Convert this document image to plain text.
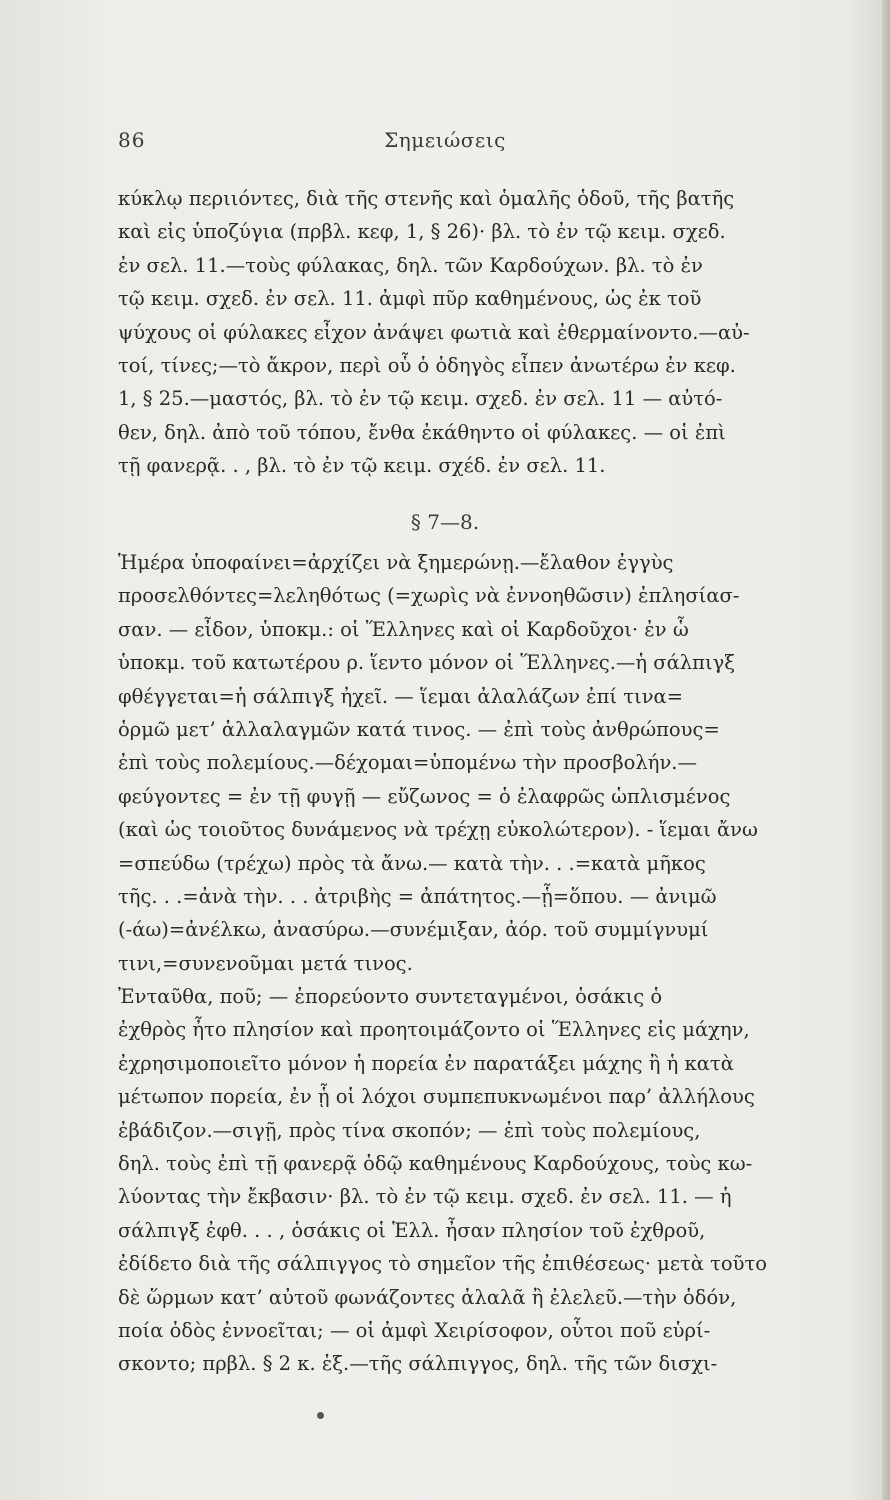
86	Σημειώσεις
κύκλῳ περιιόντες, διὰ τῆς στενῆς καὶ ὁμαλῆς ὁδοῦ, τῆς βατῆς
καὶ εἰς ὑποζύγια (πρβλ. κεφ, 1, § 26)· βλ. τὸ ἐν τῷ κειμ. σχεδ.
ἐν σελ. 11.—τοὺς φύλακας, δηλ. τῶν Καρδούχων. βλ. τὸ ἐν
τῷ κειμ. σχεδ. ἐν σελ. 11. ἀμφὶ πῦρ καθημένους, ὡς ἐκ τοῦ
ψύχους οἱ φύλακες εἶχον ἀνάψει φωτιὰ καὶ ἐθερμαίνοντο.—αὐ-
τοί, τίνες;—τὸ ἄκρον, περὶ οὗ ὁ ὁδηγὸς εἶπεν ἀνωτέρω ἐν κεφ.
1, § 25.—μαστός, βλ. τὸ ἐν τῷ κειμ. σχεδ. ἐν σελ. 11 — αὐτό-
θεν, δηλ. ἀπὸ τοῦ τόπου, ἔνθα ἐκάθηντο οἱ φύλακες. — οἱ ἐπὶ
τῇ φανερᾷ. . , βλ. τὸ ἐν τῷ κειμ. σχέδ. ἐν σελ. 11.
§ 7—8.
Ἡμέρα ὑποφαίνει=ἀρχίζει νὰ ξημερώνῃ.—ἔλαθον ἐγγὺς
προσελθόντες=λεληθότως (=χωρὶς νὰ ἐννοηθῶσιν) ἐπλησίασ-
σαν. — εἶδον, ὑποκμ.: οἱ Ἕλληνες καὶ οἱ Καρδοῦχοι· ἐν ὧ
ὑποκμ. τοῦ κατωτέρου ρ. ἵεντο μόνον οἱ Ἕλληνες.—ἡ σάλπιγξ
φθέγγεται=ἡ σάλπιγξ ἠχεῖ. — ἵεμαι ἀλαλάζων ἐπί τινα=
ὁρμῶ μετ’ ἀλλαλαγμῶν κατά τινος. — ἐπὶ τοὺς ἀνθρώπους=
ἐπὶ τοὺς πολεμίους.—δέχομαι=ὑπομένω τὴν προσβολήν.—
φεύγοντες = ἐν τῇ φυγῇ — εὔζωνος = ὁ ἐλαφρῶς ὡπλισμένος
(καὶ ὡς τοιοῦτος δυνάμενος νὰ τρέχῃ εὐκολώτερον). - ἵεμαι ἄνω
=σπεύδω (τρέχω) πρὸς τὰ ἄνω.— κατὰ τὴν. . .=κατὰ μῆκος
τῆς. . .=ἀνὰ τὴν. . . ἀτριβὴς = ἀπάτητος.—ᾗ=ὅπου. — ἀνιμῶ
(-άω)=ἀνέλκω, ἀνασύρω.—συνέμιξαν, ἀόρ. τοῦ συμμίγνυμί
τινι,=συνενοῦμαι μετά τινος.
Ἐνταῦθα, ποῦ; — ἐπορεύοντο συντεταγμένοι, ὁσάκις ὁ
ἐχθρὸς ἦτο πλησίον καὶ προητοιμάζοντο οἱ Ἕλληνες εἰς μάχην,
ἐχρησιμοποιεῖτο μόνον ἡ πορεία ἐν παρατάξει μάχης ἢ ἡ κατὰ
μέτωπον πορεία, ἐν ᾗ οἱ λόχοι συμπεπυκνωμένοι παρ’ ἀλλήλους
ἐβάδιζον.—σιγῇ, πρὸς τίνα σκοπόν; — ἐπὶ τοὺς πολεμίους,
δηλ. τοὺς ἐπὶ τῇ φανερᾷ ὁδῷ καθημένους Καρδούχους, τοὺς κω-
λύοντας τὴν ἔκβασιν· βλ. τὸ ἐν τῷ κειμ. σχεδ. ἐν σελ. 11. — ἡ
σάλπιγξ ἐφθ. . . , ὁσάκις οἱ Ἑλλ. ἦσαν πλησίον τοῦ ἐχθροῦ,
ἐδίδετο διὰ τῆς σάλπιγγος τὸ σημεῖον τῆς ἐπιθέσεως· μετὰ τοῦτο
δὲ ὥρμων κατ’ αὐτοῦ φωνάζοντες ἀλαλᾶ ἢ ἐλελεῦ.—τὴν ὁδόν,
ποία ὁδὸς ἐννοεῖται; — οἱ ἀμφὶ Χειρίσοφον, οὗτοι ποῦ εὑρί-
σκοντο; πρβλ. § 2 κ. ἑξ.—τῆς σάλπιγγος, δηλ. τῆς τῶν δισχι-
